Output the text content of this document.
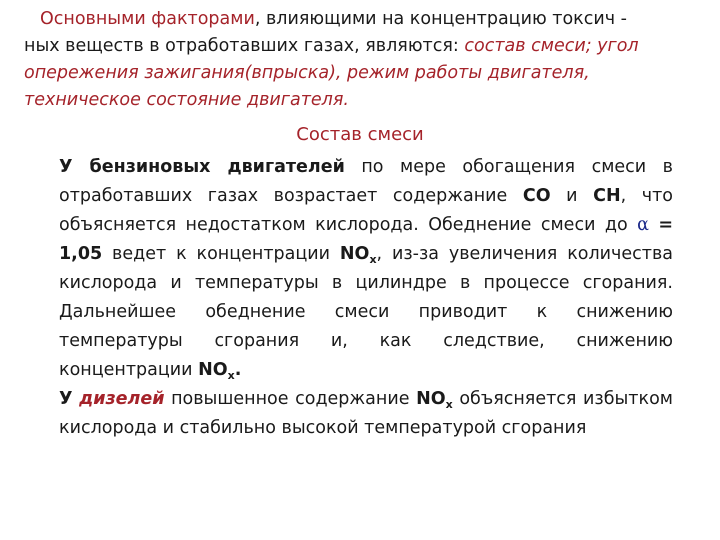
Основными факторами, влияющими на концентрацию токсич -
ных веществ в отработавших газах, являются: состав смеси; угол
опережения зажигания(впрыска), режим работы двигателя,
техническое состояние двигателя.
Состав смеси

У бензиновых двигателей по мере обогащения смеси в отработавших газах возрастает содержание СО и СН, что объясняется недостатком кислорода. Обеднение смеси до α = 1,05 ведет к концентрации $NO_х$, из-за увеличения количества кислорода и температуры в цилиндре в процессе сгорания. Дальнейшее обеднение смеси приводит к снижению температуры сгорания и, как следствие, снижению концентрации $NO_х$.

У дизелей повышенное содержание $NO_х$ объясняется избытком кислорода и стабильно высокой температурой сгорания
